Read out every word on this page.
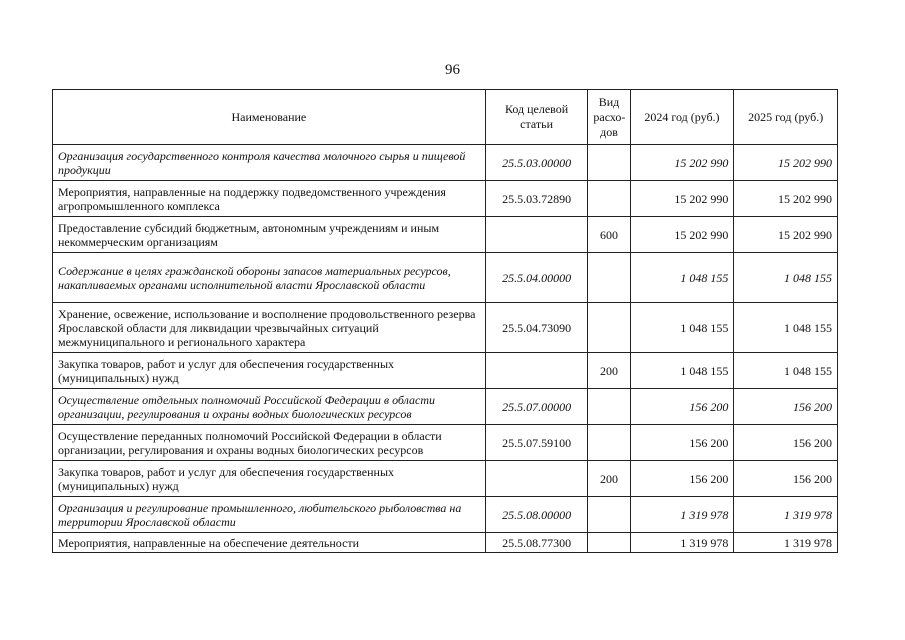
96
Наименование	Код целевой статьи	Вид расхо-дов	2024 год (руб.)	2025 год (руб.)
Организация государственного контроля качества молочного сырья и пищевой продукции	25.5.03.00000		15 202 990	15 202 990
Мероприятия, направленные на поддержку подведомственного учреждения агропромышленного комплекса	25.5.03.72890		15 202 990	15 202 990
Предоставление субсидий бюджетным, автономным учреждениям и иным некоммерческим организациям		600	15 202 990	15 202 990
Содержание в целях гражданской обороны запасов материальных ресурсов, накапливаемых органами исполнительной власти Ярославской области	25.5.04.00000		1 048 155	1 048 155
Хранение, освежение, использование и восполнение продовольственного резерва Ярославской области для ликвидации чрезвычайных ситуаций межмуниципального и регионального характера	25.5.04.73090		1 048 155	1 048 155
Закупка товаров, работ и услуг для обеспечения государственных (муниципальных) нужд		200	1 048 155	1 048 155
Осуществление отдельных полномочий Российской Федерации в области организации, регулирования и охраны водных биологических ресурсов	25.5.07.00000		156 200	156 200
Осуществление переданных полномочий Российской Федерации в области организации, регулирования и охраны водных биологических ресурсов	25.5.07.59100		156 200	156 200
Закупка товаров, работ и услуг для обеспечения государственных (муниципальных) нужд		200	156 200	156 200
Организация и регулирование промышленного, любительского рыболовства на территории Ярославской области	25.5.08.00000		1 319 978	1 319 978
Мероприятия, направленные на обеспечение деятельности	25.5.08.77300		1 319 978	1 319 978
